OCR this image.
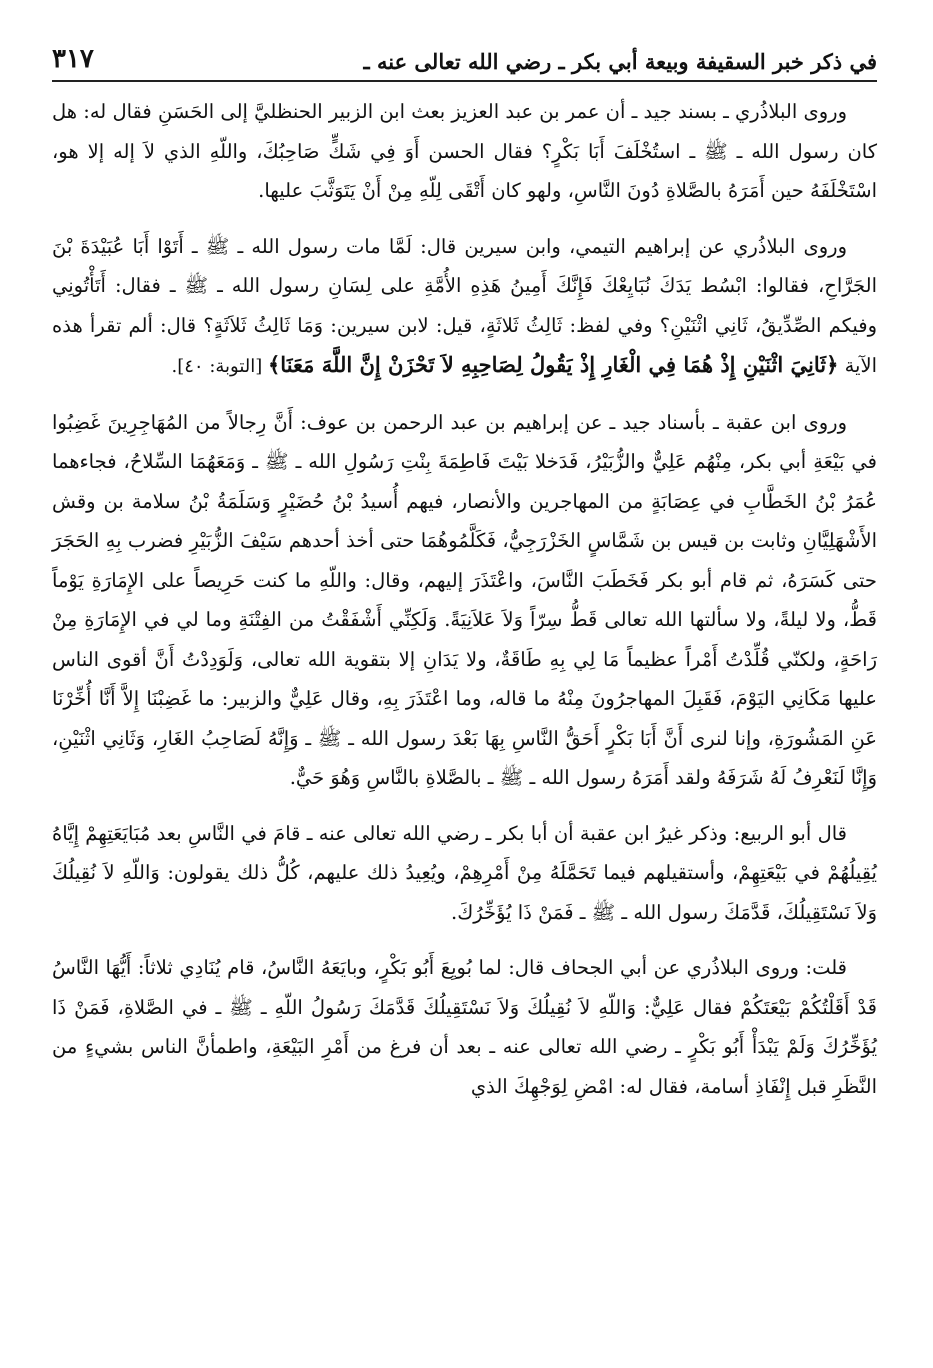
في ذكر خبر السقيفة وبيعة أبي بكر ـ رضي الله تعالى عنه ـ
٣١٧

وروى البلاذُري ـ بسند جيد ـ أن عمر بن عبد العزيز بعث ابن الزبير الحنظليَّ إلى الحَسَنِ فقال له: هل كان رسول الله ـ ﷺ ـ استُخْلَفَ أَبَا بَكْرٍ؟ فقال الحسن أَوَ فِي شَكٍّ صَاحِبُكَ، واللّهِ الذي لاَ إله إلا هو، اسْتَخْلَفَهُ حين أَمَرَهُ بالصَّلاةِ دُونَ النَّاسِ، ولهو كان أَتْقَى لِلّهِ مِنْ أَنْ يَتَوَثَّبَ عليها.

وروى البلاذُري عن إبراهيم التيمي، وابن سيرين قال: لَمَّا مات رسول الله ـ ﷺ ـ أَتَوْا أَبَا عُبَيْدَةَ بْنَ الجَرَّاحِ، فقالوا: ابْسُط يَدَكَ نُبَايِعْكَ فَإِنَّكَ أَمِينُ هَذِهِ الأُمَّةِ على لِسَانِ رسول الله ـ ﷺ ـ فقال: أَتَأْتُونِي وفيكم الصِّدِّيقُ، ثَانِي اثْنَيْنِ؟ وفي لفظ: ثَالِثُ ثَلاثَةٍ، قيل: لابن سيرين: وَمَا ثَالِثُ ثَلاَثَةٍ؟ قال: ألم تقرأ هذه الآية ﴿ثَانِيَ اثْنَيْنِ إِذْ هُمَا فِي الْغَارِ إِذْ يَقُولُ لِصَاحِبِهِ لاَ تَحْزَنْ إِنَّ اللَّهَ مَعَنَا﴾ [التوبة: ٤٠].

وروى ابن عقبة ـ بأسناد جيد ـ عن إبراهيم بن عبد الرحمن بن عوف: أَنَّ رِجالاً من المُهَاجِرِينَ غَضِبُوا في بَيْعَةِ أبي بكر، مِنْهُم عَلِيٌّ والزُّبَيْرُ، فَدَخلا بَيْتَ فَاطِمَةَ بِنْتِ رَسُولِ الله ـ ﷺ ـ وَمَعَهُمَا السِّلاحُ، فجاءهما عُمَرُ بْنُ الخَطَّابِ في عِصَابَةٍ من المهاجرين والأنصار، فيهم أُسيدُ بْنُ حُضَيْرٍ وَسَلَمَةُ بْنُ سلامة بن وقش الأَشْهَلِيَّانِ وثابت بن قيس بن شَمَّاسٍ الخَزْرَجِيُّ، فَكَلَّمُوهُمَا حتى أخذ أحدهم سَيْفَ الزُّبَيْرِ فضرب بِهِ الحَجَرَ حتى كَسَرَهُ، ثم قام أبو بكر فَخَطَبَ النَّاسَ، واعْتَذَرَ إليهم، وقال: واللّهِ ما كنت حَرِيصاً على الإِمَارَةِ يَوْماً قَطُّ، ولا ليلةً، ولا سألتها الله تعالى قَطُّ سِرّاً وَلاَ عَلاَنِيَةً. وَلَكِنِّي أَشْفَقْتُ من الفِتْنَةِ وما لي في الإِمَارَةِ مِنْ رَاحَةٍ، ولكنّي قُلِّدْتُ أَمْراً عظيماً مَا لِي بِهِ طَاقَةٌ، ولا يَدَانِ إلا بتقوية الله تعالى، وَلَوَدِدْتُ أَنَّ أقوى الناس عليها مَكَانِي اليَوْمَ، فَقَبِلَ المهاجرُونَ مِنْهُ ما قاله، وما اعْتَذَرَ بِهِ، وقال عَلِيٌّ والزبير: ما غَضِبْنَا إِلاَّ أَنَّا أُخِّرْنَا عَنِ المَشُورَةِ، وإنا لنرى أَنَّ أَبَا بَكْرٍ أَحَقُّ النَّاسِ بِهَا بَعْدَ رسول الله ـ ﷺ ـ وَإِنَّهُ لَصَاحِبُ الغَارِ، وَثَانِي اثْنَيْنِ، وَإِنَّا لَنَعْرِفُ لَهُ شَرَفَهُ ولقد أَمَرَهُ رسول الله ـ ﷺ ـ بالصَّلاةِ بالنَّاسِ وَهُوَ حَيٌّ.

قال أبو الربيع: وذكر غيرُ ابن عقبة أن أبا بكر ـ رضي الله تعالى عنه ـ قامَ في النَّاسِ بعد مُبَايَعَتِهِمْ إِيَّاهُ يُقِيلُهُمْ في بَيْعَتِهِمْ، وأستقيلهم فيما تَحَمَّلَهُ مِنْ أَمْرِهِمْ، ويُعِيدُ ذلك عليهم، كُلُّ ذلك يقولون: وَاللّهِ لاَ نُقِيلُكَ وَلاَ نَسْتَقِيلُكَ، قَدَّمَكَ رسول الله ـ ﷺ ـ فَمَنْ ذَا يُؤَخِّرُكَ.

قلت: وروى البلاذُري عن أبي الجحاف قال: لما بُويِعَ أَبُو بَكْرٍ، وبايَعَهُ النَّاسُ، قام يُنَادِي ثلاثاً: أَيُّهَا النَّاسُ قَدْ أَقَلْتُكُمْ بَيْعَتَكُمْ فقال عَلِيٌّ: وَاللّهِ لاَ نُقِيلُكَ وَلاَ نَسْتَقِيلُكَ قَدَّمَكَ رَسُولُ اللّهِ ـ ﷺ ـ في الصَّلاةِ، فَمَنْ ذَا يُؤَخِّرُكَ وَلَمْ يَبْدَأْ أَبُو بَكْرٍ ـ رضي الله تعالى عنه ـ بعد أن فرغ من أَمْرِ البَيْعَةِ، واطمأنَّ الناس بشيءٍ من النَّظَرِ قبل إِنْفَاذِ أسامة، فقال له: امْضِ لِوَجْهِكَ الذي
